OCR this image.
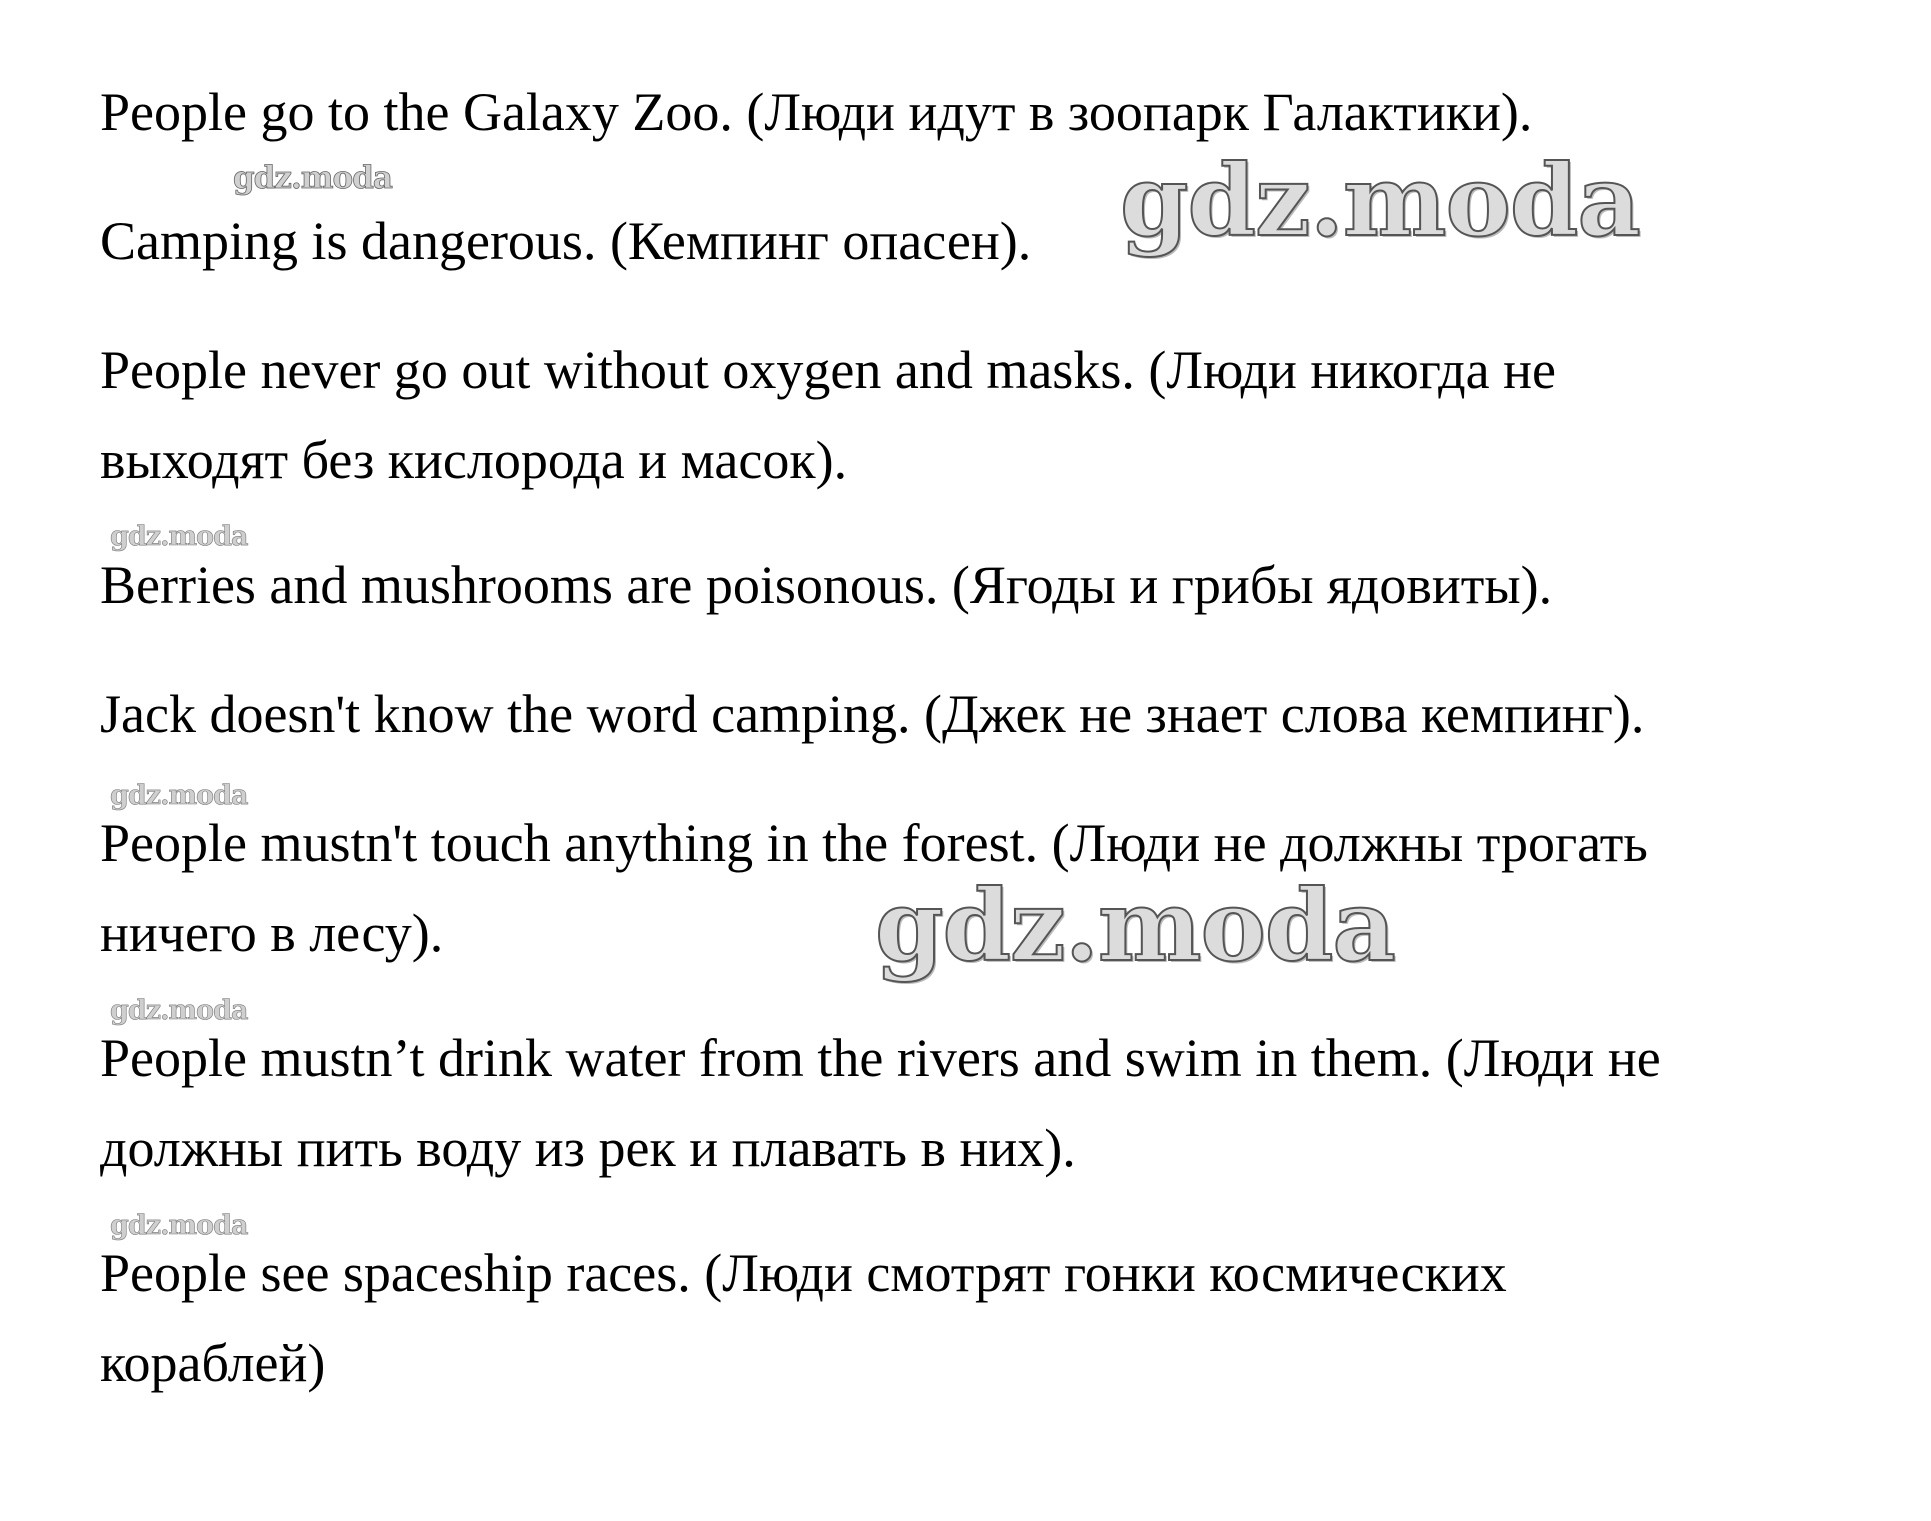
gdz.moda	gdz.moda
gdz.moda
gdz.moda
gdz.moda
gdz.moda
gdz.moda

People go to the Galaxy Zoo. (Люди идут в зоопарк Галактики).

Camping is dangerous. (Кемпинг опасен).

People never go out without oxygen and masks. (Люди никогда не

выходят без кислорода и масок).

Berries and mushrooms are poisonous. (Ягоды и грибы ядовиты).

Jack doesn't know the word camping. (Джек не знает слова кемпинг).

People mustn't touch anything in the forest. (Люди не должны трогать

ничего в лесу).

People mustn’t drink water from the rivers and swim in them. (Люди не

должны пить воду из рек и плавать в них).

People see spaceship races. (Люди смотрят гонки космических

кораблей)
